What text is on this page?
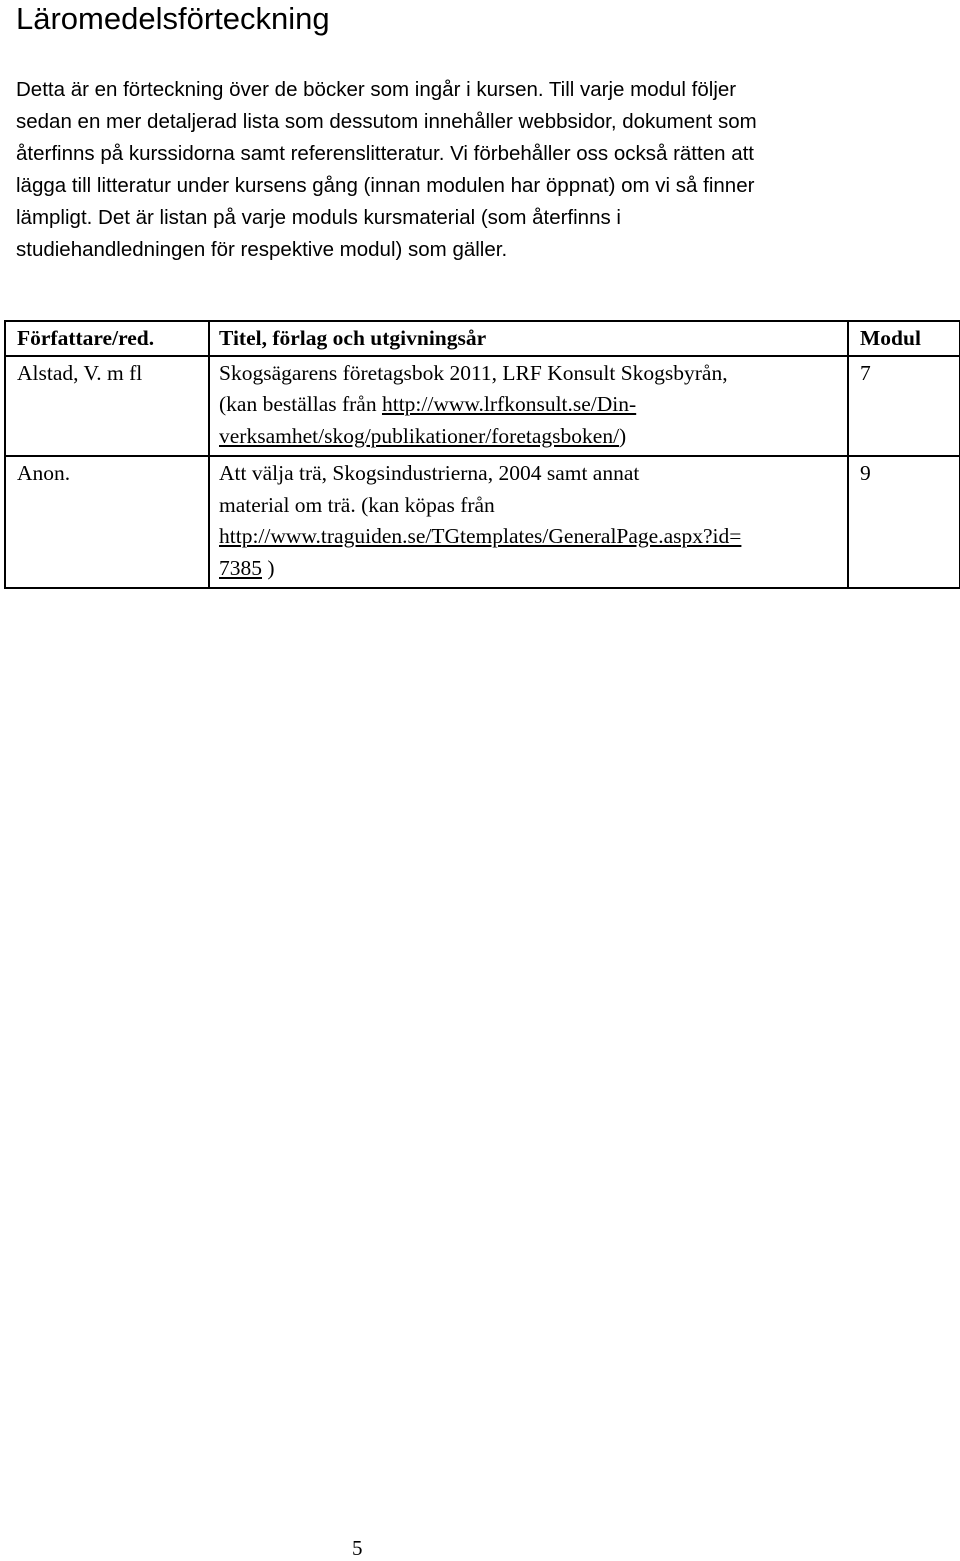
Läromedelsförteckning
Detta är en förteckning över de böcker som ingår i kursen. Till varje modul följer
sedan en mer detaljerad lista som dessutom innehåller webbsidor, dokument som
återfinns på kurssidorna samt referenslitteratur. Vi förbehåller oss också rätten att
lägga till litteratur under kursens gång (innan modulen har öppnat) om vi så finner
lämpligt. Det är listan på varje moduls kursmaterial (som återfinns i
studiehandledningen för respektive modul) som gäller.
Författare/red.	Titel, förlag och utgivningsår	Modul
Alstad, V. m fl	Skogsägarens företagsbok 2011, LRF Konsult Skogsbyrån,
(kan beställas från http://www.lrfkonsult.se/Din-
verksamhet/skog/publikationer/foretagsboken/)	7
Anon.	Att välja trä, Skogsindustrierna, 2004 samt annat
material om trä. (kan köpas från
http://www.traguiden.se/TGtemplates/GeneralPage.aspx?id=
7385 )	9
5
